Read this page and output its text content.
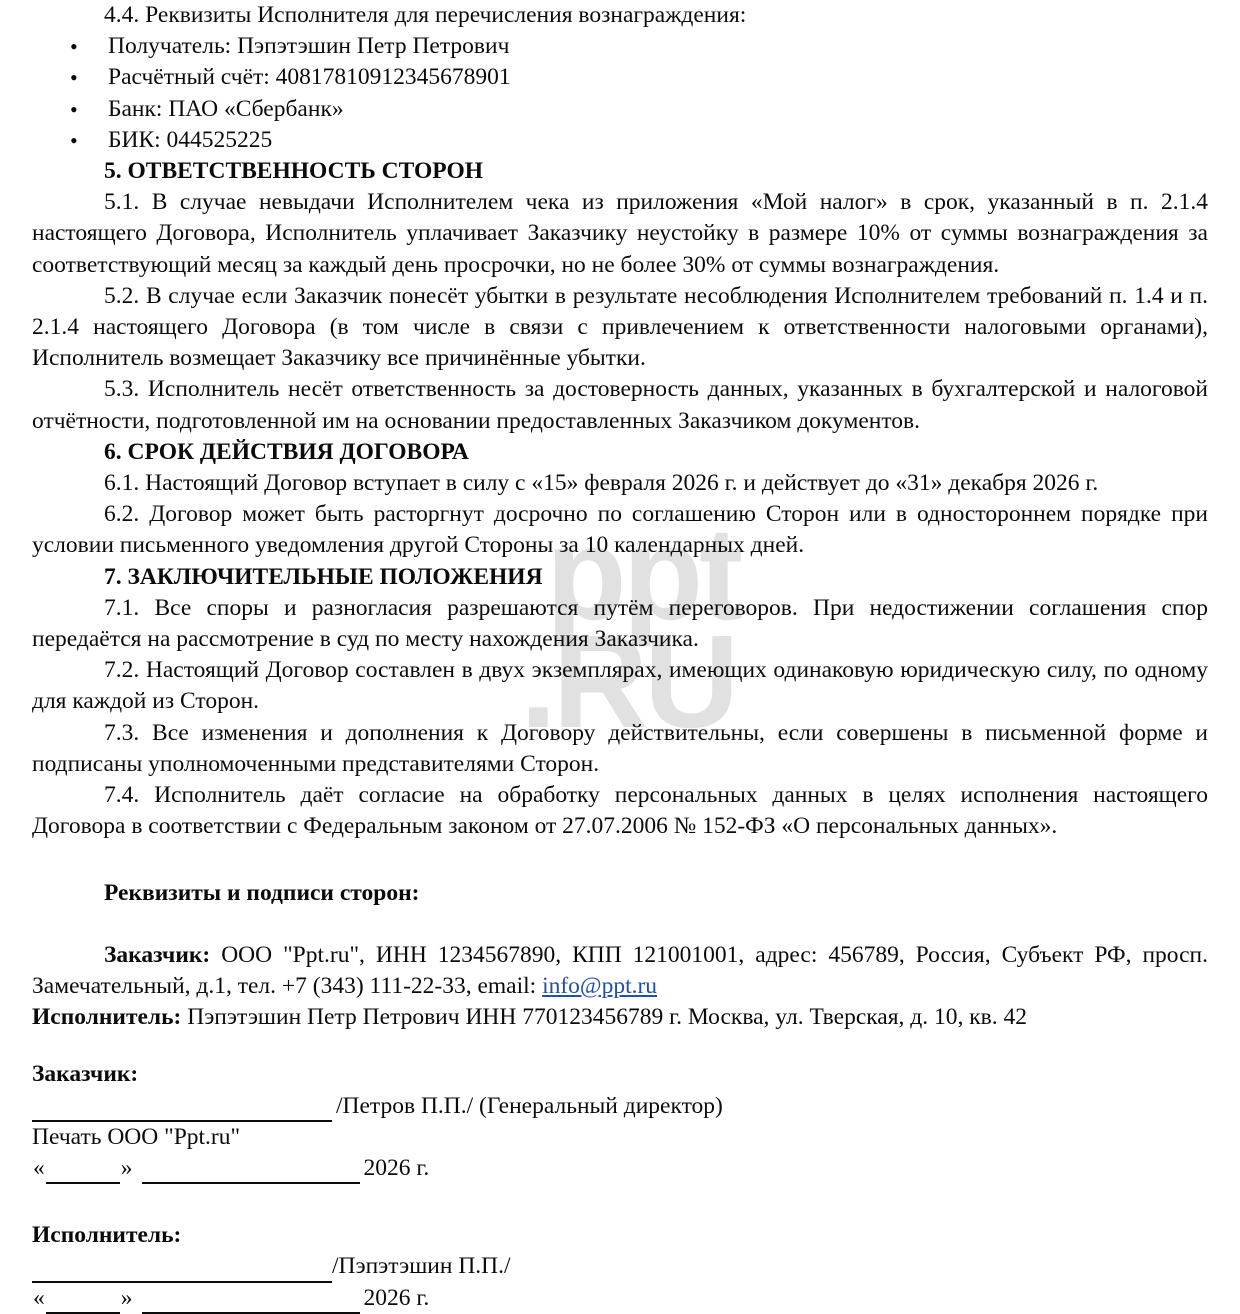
ppt
.RU

4.4. Реквизиты Исполнителя для перечисления вознаграждения:

• Получатель: Пэпэтэшин Петр Петрович
• Расчётный счёт: 40817810912345678901
• Банк: ПАО «Сбербанк»
• БИК: 044525225
5. ОТВЕТСТВЕННОСТЬ СТОРОН

5.1. В случае невыдачи Исполнителем чека из приложения «Мой налог» в срок, указанный в п. 2.1.4 настоящего Договора, Исполнитель уплачивает Заказчику неустойку в размере 10% от суммы вознаграждения за соответствующий месяц за каждый день просрочки, но не более 30% от суммы вознаграждения.

5.2. В случае если Заказчик понесёт убытки в результате несоблюдения Исполнителем требований п. 1.4 и п. 2.1.4 настоящего Договора (в том числе в связи с привлечением к ответственности налоговыми органами), Исполнитель возмещает Заказчику все причинённые убытки.

5.3. Исполнитель несёт ответственность за достоверность данных, указанных в бухгалтерской и налоговой отчётности, подготовленной им на основании предоставленных Заказчиком документов.

6. СРОК ДЕЙСТВИЯ ДОГОВОРА

6.1. Настоящий Договор вступает в силу с «15» февраля 2026 г. и действует до «31» декабря 2026 г.

6.2. Договор может быть расторгнут досрочно по соглашению Сторон или в одностороннем порядке при условии письменного уведомления другой Стороны за 10 календарных дней.

7. ЗАКЛЮЧИТЕЛЬНЫЕ ПОЛОЖЕНИЯ

7.1. Все споры и разногласия разрешаются путём переговоров. При недостижении соглашения спор передаётся на рассмотрение в суд по месту нахождения Заказчика.

7.2. Настоящий Договор составлен в двух экземплярах, имеющих одинаковую юридическую силу, по одному для каждой из Сторон.

7.3. Все изменения и дополнения к Договору действительны, если совершены в письменной форме и подписаны уполномоченными представителями Сторон.

7.4. Исполнитель даёт согласие на обработку персональных данных в целях исполнения настоящего Договора в соответствии с Федеральным законом от 27.07.2006 № 152-ФЗ «О персональных данных».

Реквизиты и подписи сторон:

Заказчик: ООО "Ppt.ru", ИНН 1234567890, КПП 121001001, адрес: 456789, Россия, Субъект РФ, просп. Замечательный, д.1, тел. +7 (343) 111-22-33, email: info@ppt.ru

Исполнитель: Пэпэтэшин Петр Петрович ИНН 770123456789 г. Москва, ул. Тверская, д. 10, кв. 42

Заказчик:

/Петров П.П./ (Генеральный директор)
Печать ООО "Ppt.ru"
«	»	2026 г.

Исполнитель:

/Пэпэтэшин П.П./
«	»	2026 г.
